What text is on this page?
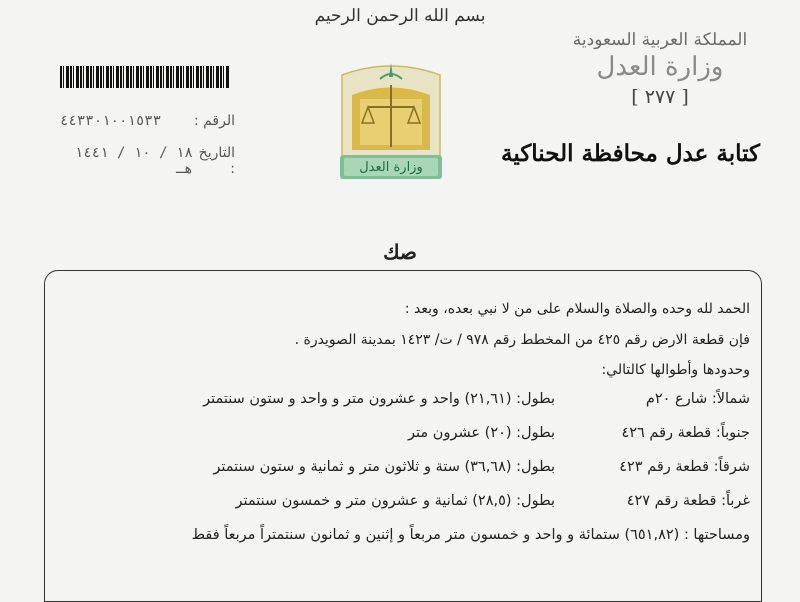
بسم الله الرحمن الرحيم
المملكة العربية السعودية
وزارة العدل
[ ٢٧٧ ]
كتابة عدل محافظة الحناكية
الرقم :
٤٤٣٣٠١٠٠١٥٣٣
التاريخ :
١٨ / ١٠ / ١٤٤١ هـ	وزارة العدل
صك
الحمد لله وحده والصلاة والسلام على من لا نبي بعده، وبعد :
فإن قطعة الارض رقم ٤٢٥ من المخطط رقم ٩٧٨ / ت/ ١٤٢٣ بمدينة الصويدرة .
وحدودها وأطوالها كالتالي:
شمالاً: شارع ٢٠م
بطول: (٢١,٦١) واحد و عشرون متر و واحد و ستون سنتمتر
جنوباً: قطعة رقم ٤٢٦
بطول: (٢٠) عشرون متر
شرقاً: قطعة رقم ٤٢٣
بطول: (٣٦,٦٨) ستة و ثلاثون متر و ثمانية و ستون سنتمتر
غرباً: قطعة رقم ٤٢٧
بطول: (٢٨,٥) ثمانية و عشرون متر و خمسون سنتمتر
ومساحتها : (٦٥١,٨٢) ستمائة و واحد و خمسون متر مربعاً و إثنين و ثمانون سنتمتراً مربعاً فقط
